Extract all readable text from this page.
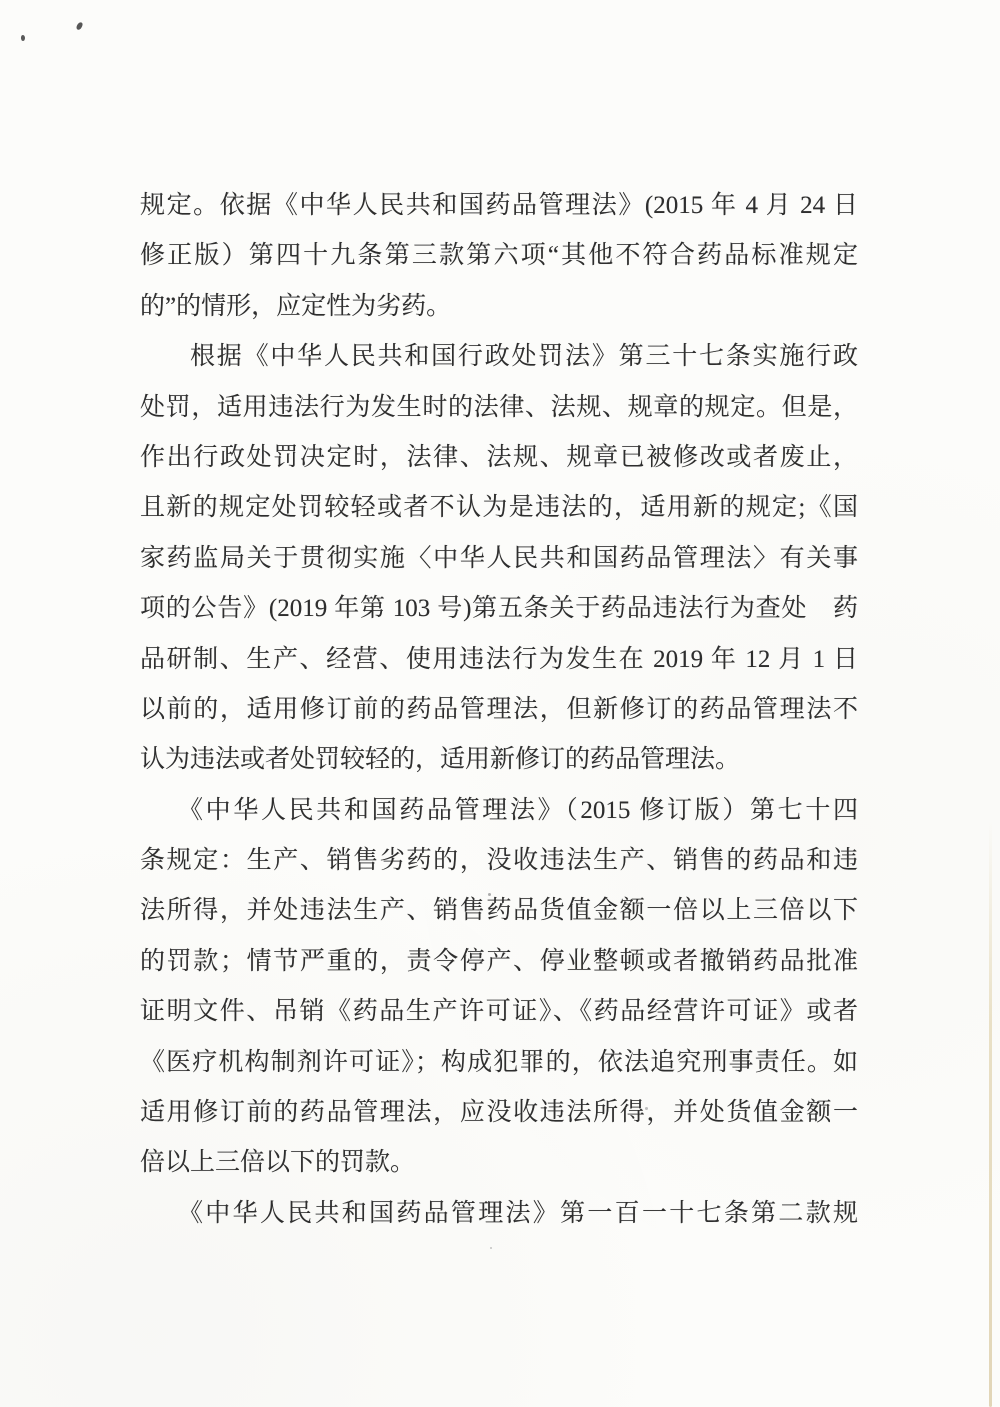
规定。依据《中华人民共和国药品管理法》(2015 年 4 月 24 日
修正版）第四十九条第三款第六项“其他不符合药品标准规定
的”的情形，应定性为劣药。

根据《中华人民共和国行政处罚法》第三十七条实施行政
处罚，适用违法行为发生时的法律、法规、规章的规定。但是，
作出行政处罚决定时，法律、法规、规章已被修改或者废止，
且新的规定处罚较轻或者不认为是违法的，适用新的规定;《国
家药监局关于贯彻实施〈中华人民共和国药品管理法〉有关事
项的公告》(2019 年第 103 号)第五条关于药品违法行为查处　药
品研制、生产、经营、使用违法行为发生在 2019 年 12 月 1 日
以前的，适用修订前的药品管理法，但新修订的药品管理法不
认为违法或者处罚较轻的，适用新修订的药品管理法。

《中华人民共和国药品管理法》（2015 修订版）第七十四
条规定：生产、销售劣药的，没收违法生产、销售的药品和违
法所得，并处违法生产、销售药品货值金额一倍以上三倍以下
的罚款；情节严重的，责令停产、停业整顿或者撤销药品批准
证明文件、吊销《药品生产许可证》、《药品经营许可证》或者
《医疗机构制剂许可证》；构成犯罪的，依法追究刑事责任。如
适用修订前的药品管理法，应没收违法所得，并处货值金额一
倍以上三倍以下的罚款。

《中华人民共和国药品管理法》第一百一十七条第二款规
